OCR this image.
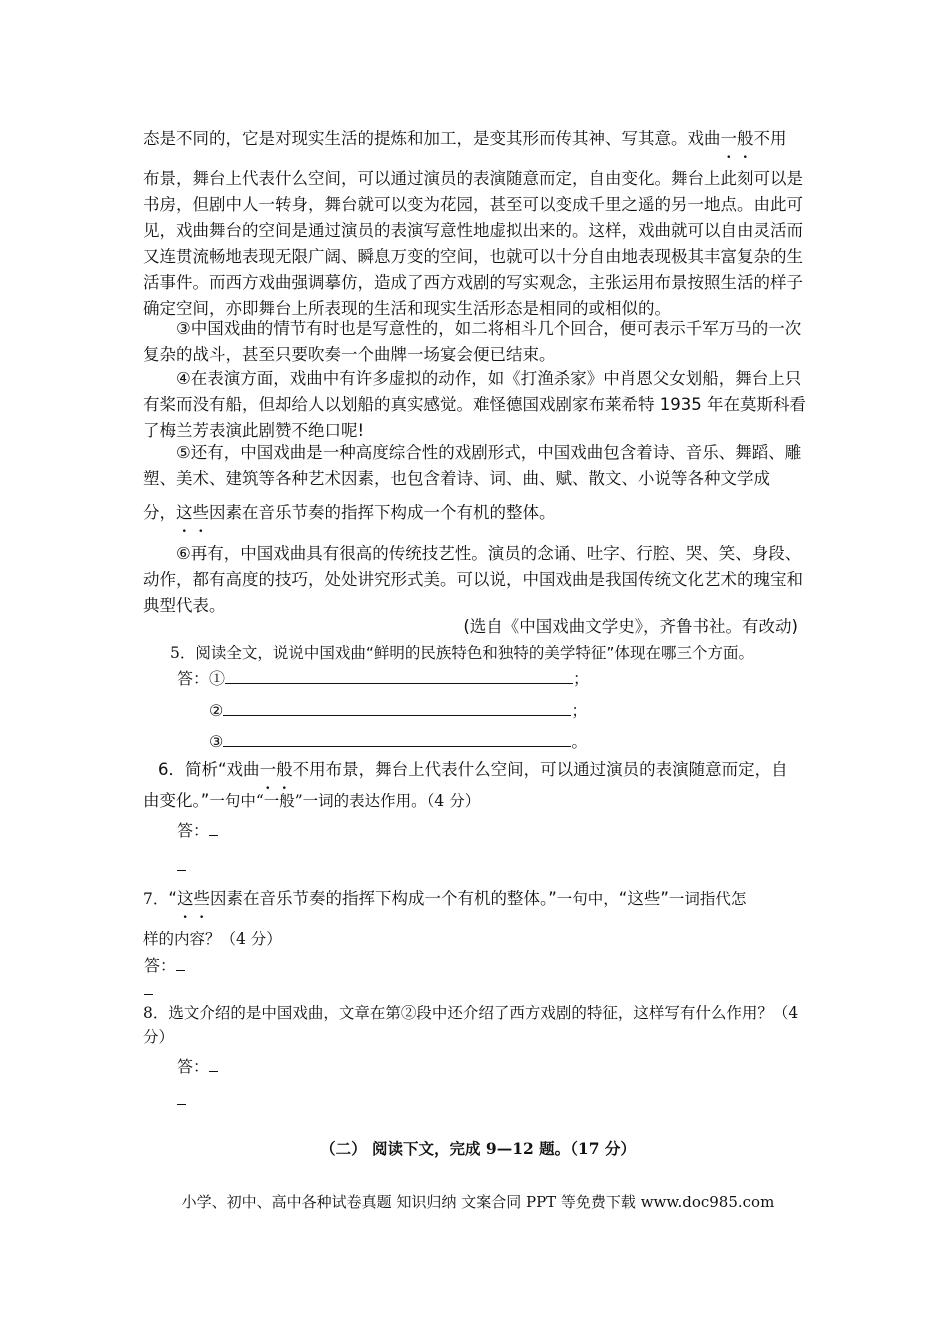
态是不同的，它是对现实生活的提炼和加工，是变其形而传其神、写其意。戏曲一般不用

布景，舞台上代表什么空间，可以通过演员的表演随意而定，自由变化。舞台上此刻可以是书房，但剧中人一转身，舞台就可以变为花园，甚至可以变成千里之遥的另一地点。由此可见，戏曲舞台的空间是通过演员的表演写意性地虚拟出来的。这样，戏曲就可以自由灵活而又连贯流畅地表现无限广阔、瞬息万变的空间，也就可以十分自由地表现极其丰富复杂的生活事件。而西方戏曲强调摹仿，造成了西方戏剧的写实观念，主张运用布景按照生活的样子确定空间，亦即舞台上所表现的生活和现实生活形态是相同的或相似的。

③中国戏曲的情节有时也是写意性的，如二将相斗几个回合，便可表示千军万马的一次复杂的战斗，甚至只要吹奏一个曲牌一场宴会便已结束。

④在表演方面，戏曲中有许多虚拟的动作，如《打渔杀家》中肖恩父女划船，舞台上只有桨而没有船，但却给人以划船的真实感觉。难怪德国戏剧家布莱希特 1935 年在莫斯科看了梅兰芳表演此剧赞不绝口呢!

⑤还有，中国戏曲是一种高度综合性的戏剧形式，中国戏曲包含着诗、音乐、舞蹈、雕塑、美术、建筑等各种艺术因素，也包含着诗、词、曲、赋、散文、小说等各种文学成

分，这些因素在音乐节奏的指挥下构成一个有机的整体。

⑥再有，中国戏曲具有很高的传统技艺性。演员的念诵、吐字、行腔、哭、笑、身段、动作，都有高度的技巧，处处讲究形式美。可以说，中国戏曲是我国传统文化艺术的瑰宝和典型代表。

(选自《中国戏曲文学史》，齐鲁书社。有改动)

5．阅读全文，说说中国戏曲“鲜明的民族特色和独特的美学特征”体现在哪三个方面。

答：①	；
②	；
③	。

6．简析“戏曲一般不用布景，舞台上代表什么空间，可以通过演员的表演随意而定，自

由变化。”一句中“一般”一词的表达作用。（4 分）

答：

7．“这些因素在音乐节奏的指挥下构成一个有机的整体。”一句中，“这些”一词指代怎

样的内容？（4 分）

答：

8．选文介绍的是中国戏曲，文章在第②段中还介绍了西方戏剧的特征，这样写有什么作用？（4 分）

答：

（二） 阅读下文，完成 9—12 题。（17 分）

小学、初中、高中各种试卷真题 知识归纳 文案合同 PPT 等免费下载 www.doc985.com
